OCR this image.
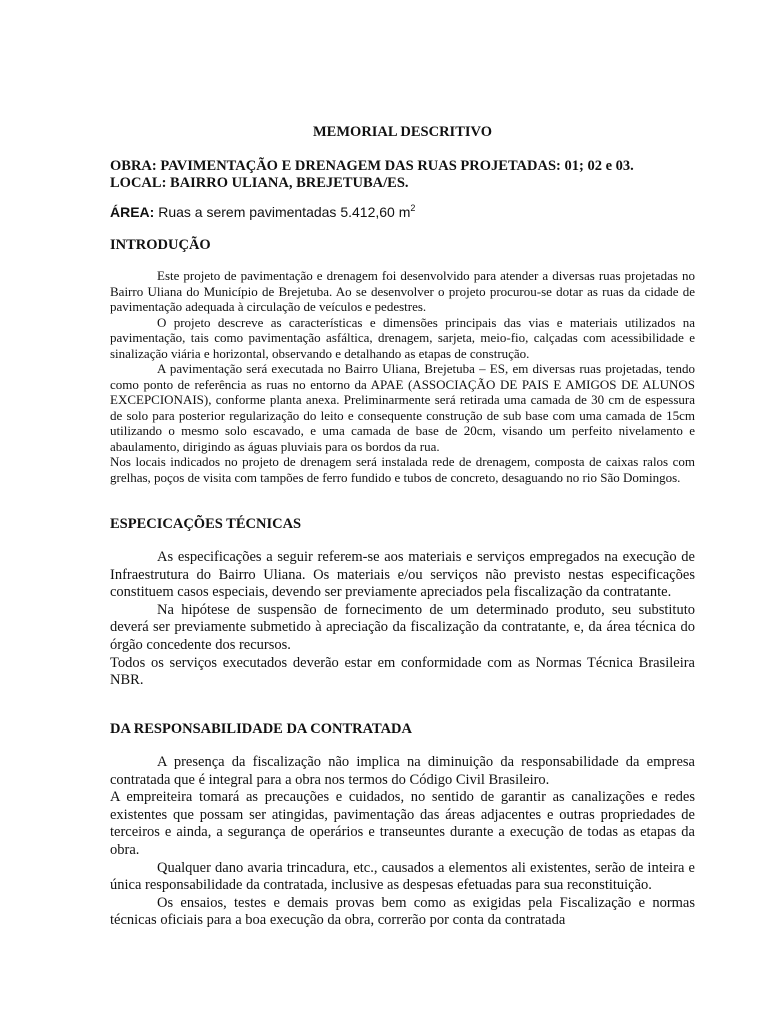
MEMORIAL DESCRITIVO
OBRA: PAVIMENTAÇÃO E DRENAGEM DAS RUAS PROJETADAS: 01; 02 e 03.
LOCAL: BAIRRO ULIANA, BREJETUBA/ES.
ÁREA: Ruas a serem pavimentadas 5.412,60 $m^2$
INTRODUÇÃO

Este projeto de pavimentação e drenagem foi desenvolvido para atender a diversas ruas projetadas no Bairro Uliana do Município de Brejetuba. Ao se desenvolver o projeto procurou-se dotar as ruas da cidade de pavimentação adequada à circulação de veículos e pedestres.

O projeto descreve as características e dimensões principais das vias e materiais utilizados na pavimentação, tais como pavimentação asfáltica, drenagem, sarjeta, meio-fio, calçadas com acessibilidade e sinalização viária e horizontal, observando e detalhando as etapas de construção.

A pavimentação será executada no Bairro Uliana, Brejetuba – ES, em diversas ruas projetadas, tendo como ponto de referência as ruas no entorno da APAE (ASSOCIAÇÃO DE PAIS E AMIGOS DE ALUNOS EXCEPCIONAIS), conforme planta anexa. Preliminarmente será retirada uma camada de 30 cm de espessura de solo para posterior regularização do leito e consequente construção de sub base com uma camada de 15cm utilizando o mesmo solo escavado, e uma camada de base de 20cm, visando um perfeito nivelamento e abaulamento, dirigindo as águas pluviais para os bordos da rua.

Nos locais indicados no projeto de drenagem será instalada rede de drenagem, composta de caixas ralos com grelhas, poços de visita com tampões de ferro fundido e tubos de concreto, desaguando no rio São Domingos.

ESPECICAÇÕES TÉCNICAS

As especificações a seguir referem-se aos materiais e serviços empregados na execução de Infraestrutura do Bairro Uliana. Os materiais e/ou serviços não previsto nestas especificações constituem casos especiais, devendo ser previamente apreciados pela fiscalização da contratante.

Na hipótese de suspensão de fornecimento de um determinado produto, seu substituto deverá ser previamente submetido à apreciação da fiscalização da contratante, e, da área técnica do órgão concedente dos recursos.

Todos os serviços executados deverão estar em conformidade com as Normas Técnica Brasileira NBR.

DA RESPONSABILIDADE DA CONTRATADA

A presença da fiscalização não implica na diminuição da responsabilidade da empresa contratada que é integral para a obra nos termos do Código Civil Brasileiro.

A empreiteira tomará as precauções e cuidados, no sentido de garantir as canalizações e redes existentes que possam ser atingidas, pavimentação das áreas adjacentes e outras propriedades de terceiros e ainda, a segurança de operários e transeuntes durante a execução de todas as etapas da obra.

Qualquer dano avaria trincadura, etc., causados a elementos ali existentes, serão de inteira e única responsabilidade da contratada, inclusive as despesas efetuadas para sua reconstituição.

Os ensaios, testes e demais provas bem como as exigidas pela Fiscalização e normas técnicas oficiais para a boa execução da obra, correrão por conta da contratada
